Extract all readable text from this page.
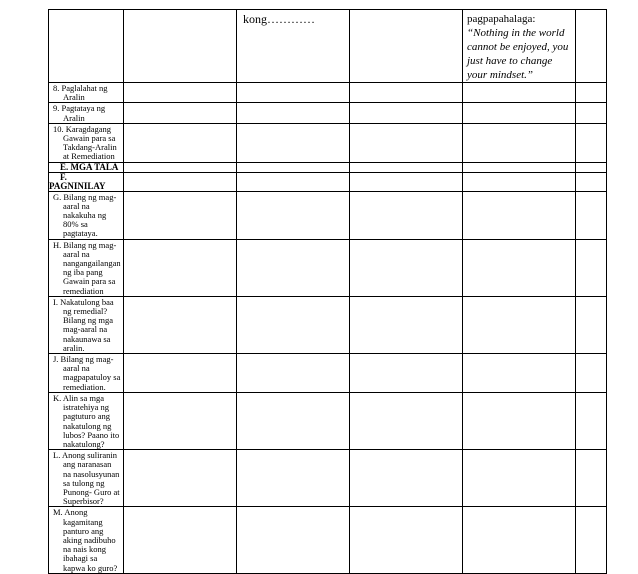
		kong…………		pagpapahalaga:
“Nothing in the world cannot be enjoyed, you just have to change your mindset.”	

8. Paglalahat ng Aralin					

9. Pagtataya ng Aralin					

10. Karagdagang Gawain para sa Takdang-Aralin at Remediation					

E. MGA TALA					
F. PAGNINILAY					

G. Bilang ng mag-aaral na nakakuha ng 80% sa pagtataya.					

H. Bilang ng mag-aaral na nangangailangan ng iba pang Gawain para sa remediation					

I. Nakatulong baa ng remedial? Bilang ng mga mag-aaral na nakaunawa sa aralin.					

J. Bilang ng mag-aaral na magpapatuloy sa remediation.					

K. Alin sa mga istratehiya ng pagtuturo ang nakatulong ng lubos? Paano ito nakatulong?					

L. Anong suliranin ang naranasan na nasolusyunan sa tulong ng Punong- Guro at Superbisor?					

M. Anong kagamitang panturo ang aking nadibuho na nais kong ibahagi sa kapwa ko guro?					
